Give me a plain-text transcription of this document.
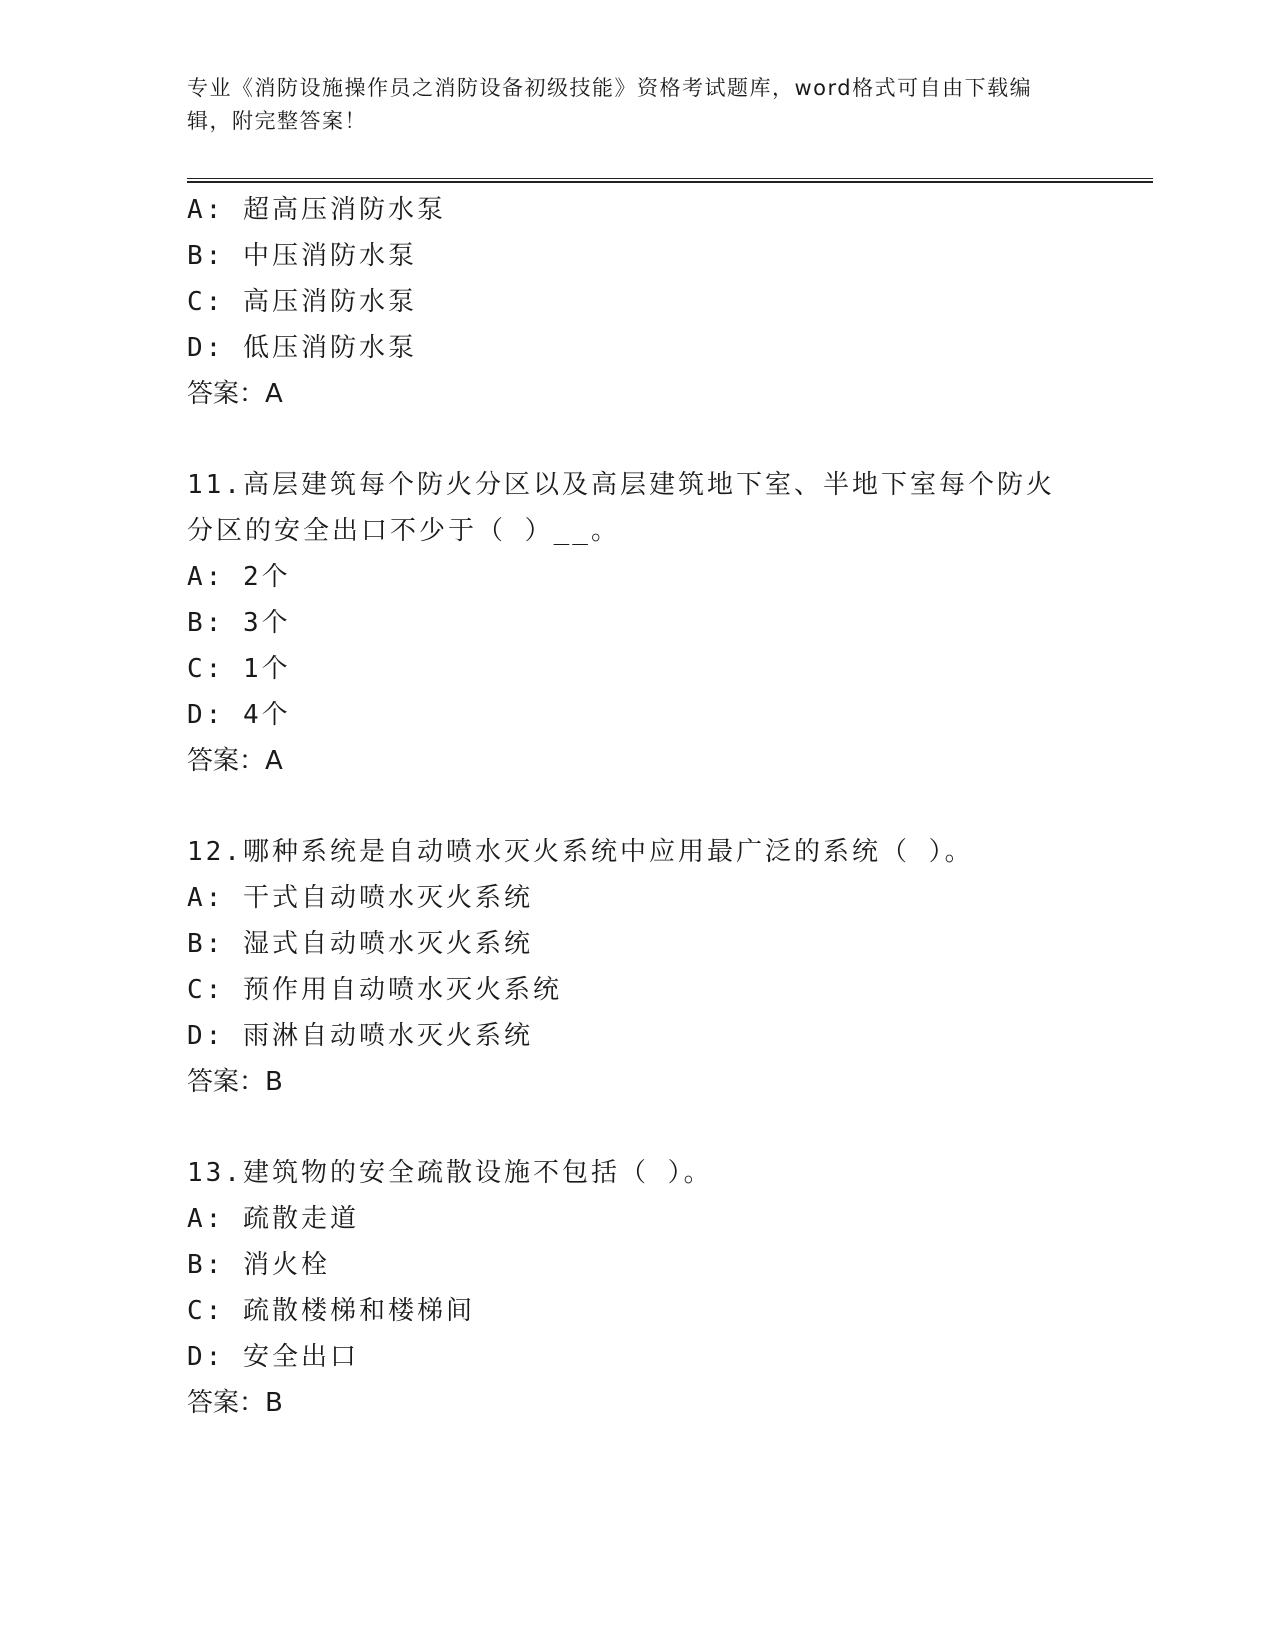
专业《消防设施操作员之消防设备初级技能》资格考试题库，word格式可自由下载编辑，附完整答案！
A: 超高压消防水泵
B: 中压消防水泵
C: 高压消防水泵
D: 低压消防水泵
答案：A
11.高层建筑每个防火分区以及高层建筑地下室、半地下室每个防火分区的安全出口不少于（ ）__。
A: 2个
B: 3个
C: 1个
D: 4个
答案：A
12.哪种系统是自动喷水灭火系统中应用最广泛的系统（ ）。
A: 干式自动喷水灭火系统
B: 湿式自动喷水灭火系统
C: 预作用自动喷水灭火系统
D: 雨淋自动喷水灭火系统
答案：B
13.建筑物的安全疏散设施不包括（ ）。
A: 疏散走道
B: 消火栓
C: 疏散楼梯和楼梯间
D: 安全出口
答案：B
